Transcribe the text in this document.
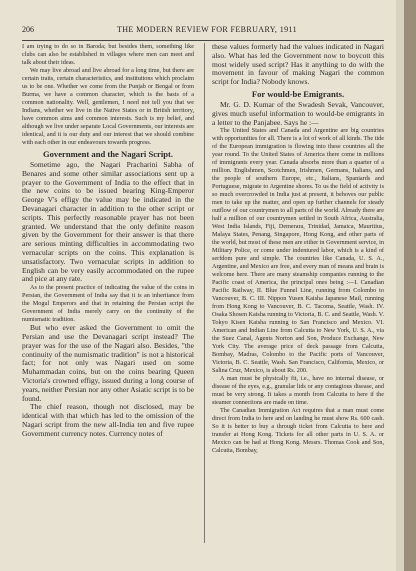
206	THE MODERN REVIEW FOR FEBRUARY, 1911

I am trying to do so in Baroda; but besides them, something like clubs can also be established in villages where men can meet and talk about their ideas.

We may live abroad and live abroad for a long time, but there are certain traits, certain characteristics, and institutions which proclaim us to be one. Whether we come from the Punjab or Bengal or from Burma, we have a common character, which is the basis of a common nationality. Well, gentlemen, I need not tell you that we Indians, whether we live in the Native States or in British territory, have common aims and common interests. Such is my belief, and although we live under separate Local Governments, our interests are identical, and it is our duty and our interest that we should combine with each other in our endeavours towards progress.

Government and the Nagari Script.

Sometime ago, the Nagari Pracharini Sabha of Benares and some other similar associations sent up a prayer to the Government of India to the effect that in the new coins to be issued bearing King-Emperor George V's effigy the value may be indicated in the Devanagari character in addition to the other script or scripts. This perfectly reasonable prayer has not been granted. We understand that the only definite reason given by the Government for their answer is that there are serious minting difficulties in accommodating two vernacular scripts on the coins. This explanation is unsatisfactory. Two vernacular scripts in addition to English can be very easily accommodated on the rupee and pice at any rate.

As to the present practice of indicating the value of the coins in Persian, the Government of India say that it is an inheritance from the Mogul Emperors and that in retaining the Persian script the Government of India merely carry on the continuity of the numismatic tradition.

But who ever asked the Government to omit the Persian and use the Devanagari script instead? The prayer was for the use of the Nagari also. Besides, "the continuity of the numismatic tradition" is not a historical fact; for not only was Nagari used on some Muhammadan coins, but on the coins bearing Queen Victoria's crowned effigy, issued during a long course of years, neither Persian nor any other Asiatic script is to be found.

The chief reason, though not disclosed, may be identical with that which has led to the omission of the Nagari script from the new all-India ten and five rupee Government currency notes. Currency notes of

these values formerly had the values indicated in Nagari also. What has led the Government now to boycott this most widely used script? Has it anything to do with the movement in favour of making Nagari the common script for India? Nobody knows.

For would-be Emigrants.

Mr. G. D. Kumar of the Swadesh Sevak, Vancouver, gives much useful information to would-be emigrants in a letter to the Panjabee. Says he :—

The United States and Canada and Argentine are big countries with opportunities for all. There is a lot of work of all kinds. The tide of the European immigration is flowing into these countries all the year round. To the United States of America there come in millions of immigrants every year. Canada absorbs more than a quarter of a million. Englishmen, Scotchmen, Irishmen, Germans, Italians, and the people of southern Europe, etc., Italians, Spaniards and Portuguese, migrate to Argentine shores. To us the field of activity is so much overcrowded in India just at present, it behoves our public men to take up the matter, and open up further channels for steady outflow of our countrymen to all parts of the world. Already there are half a million of our countrymen settled in South Africa, Australia, West India Islands, Fiji, Demerara, Trinidad, Jamaica, Mauritius, Malaya States, Penang, Singapore, Hong Kong, and other parts of the world, but most of these men are either in Government service, in Military Police, or come under indentured labor, which is a kind of serfdom pure and simple. The countries like Canada, U. S. A., Argentine, and Mexico are free, and every man of means and brain is welcome here. There are many steamship companies running to the Pacific coast of America, the principal ones being :—I. Canadian Pacific Railway, II. Blue Funnel Line, running from Colombo to Vancouver, B. C. III. Nippon Yusen Kaisha Japanese Mail, running from Hong Kong to Vancouver, B. C. Tacoma, Seattle, Wash. IV. Osaka Shosen Kaisha running to Victoria, B. C. and Seattle, Wash. V. Tokyo Kisen Kaisha running to San Francisco and Mexico. VI. American and Indian Line from Calcutta to New York, U. S. A., via the Suez Canal, Agents Norton and Son, Produce Exchange, New York City. The average price of deck passage from Calcutta, Bombay, Madras, Colombo to the Pacific ports of Vancouver, Victoria, B. C. Seattle, Wash. San Francisco, California, Mexico, or Salina Cruz, Mexico, is about Rs. 200.

A man must be physically fit, i.e., have no internal disease, or disease of the eyes, e.g., granular lids or any contagious disease, and must be very strong. It takes a month from Calcutta to here if the steamer connections are made on time.

The Canadian Immigration Act requires that a man must come direct from India to here and on landing he must show Rs. 600 cash. So it is better to buy a through ticket from Calcutta to here and transfer at Hong Kong. Tickets for all other parts in U. S. A. or Mexico can be had at Hong Kong. Messrs. Thomas Cook and Son, Calcutta, Bombay,
